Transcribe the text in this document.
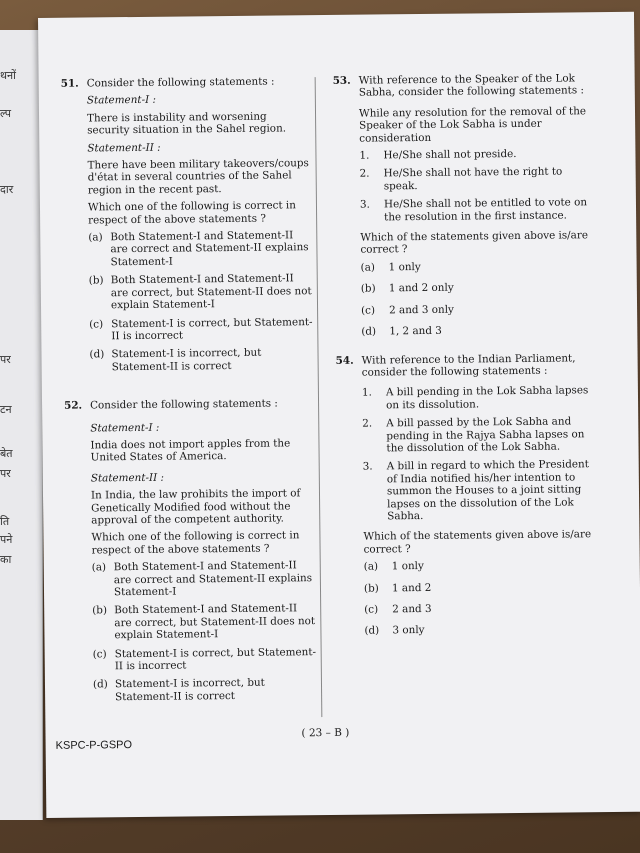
थनों
ल्प
दार
पर
टन
बेत
पर
ति
पने
का
51. Consider the following statements :

Statement-I :

There is instability and worsening security situation in the Sahel region.

Statement-II :

There have been military takeovers/coups d'état in several countries of the Sahel region in the recent past.

Which one of the following is correct in respect of the above statements ?

(a) Both Statement-I and Statement-II are correct and Statement-II explains Statement-I
(b) Both Statement-I and Statement-II are correct, but Statement-II does not explain Statement-I
(c) Statement-I is correct, but Statement-II is incorrect
(d) Statement-I is incorrect, but Statement-II is correct
52. Consider the following statements :

Statement-I :

India does not import apples from the United States of America.

Statement-II :

In India, the law prohibits the import of Genetically Modified food without the approval of the competent authority.

Which one of the following is correct in respect of the above statements ?

(a) Both Statement-I and Statement-II are correct and Statement-II explains Statement-I
(b) Both Statement-I and Statement-II are correct, but Statement-II does not explain Statement-I
(c) Statement-I is correct, but Statement-II is incorrect
(d) Statement-I is incorrect, but Statement-II is correct
53. With reference to the Speaker of the Lok Sabha, consider the following statements :

While any resolution for the removal of the Speaker of the Lok Sabha is under consideration

1. He/She shall not preside.
2. He/She shall not have the right to speak.
3. He/She shall not be entitled to vote on the resolution in the first instance.

Which of the statements given above is/are correct ?

(a) 1 only
(b) 1 and 2 only
(c) 2 and 3 only
(d) 1, 2 and 3
54. With reference to the Indian Parliament, consider the following statements :

1. A bill pending in the Lok Sabha lapses on its dissolution.
2. A bill passed by the Lok Sabha and pending in the Rajya Sabha lapses on the dissolution of the Lok Sabha.
3. A bill in regard to which the President of India notified his/her intention to summon the Houses to a joint sitting lapses on the dissolution of the Lok Sabha.

Which of the statements given above is/are correct ?

(a) 1 only
(b) 1 and 2
(c) 2 and 3
(d) 3 only
( 23 – B )
KSPC-P-GSPO
